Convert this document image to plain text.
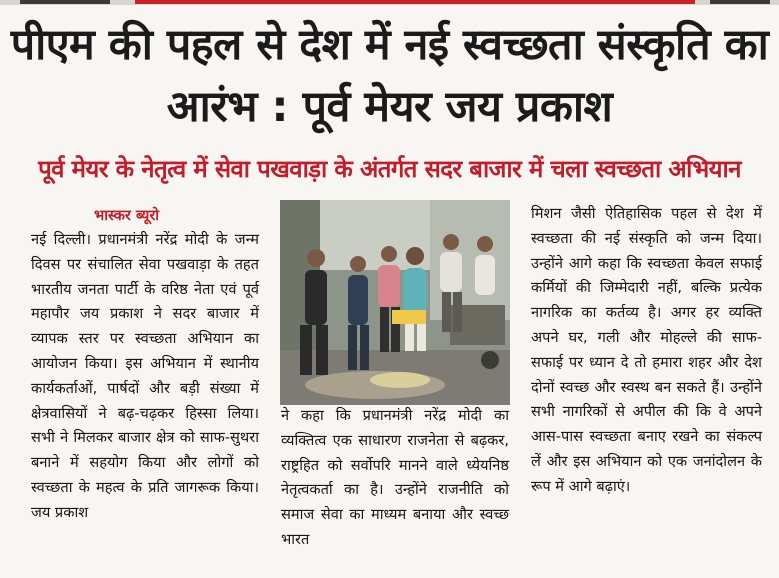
पीएम की पहल से देश में नई स्वच्छता संस्कृति का आरंभ : पूर्व मेयर जय प्रकाश
पूर्व मेयर के नेतृत्व में सेवा पखवाड़ा के अंतर्गत सदर बाजार में चला स्वच्छता अभियान
भास्कर ब्यूरो
नई दिल्ली। प्रधानमंत्री नरेंद्र मोदी के जन्म दिवस पर संचालित सेवा पखवाड़ा के तहत भारतीय जनता पार्टी के वरिष्ठ नेता एवं पूर्व महापौर जय प्रकाश ने सदर बाजार में व्यापक स्तर पर स्वच्छता अभियान का आयोजन किया। इस अभियान में स्थानीय कार्यकर्ताओं, पार्षदों और बड़ी संख्या में क्षेत्रवासियों ने बढ़-चढ़कर हिस्सा लिया। सभी ने मिलकर बाजार क्षेत्र को साफ-सुथरा बनाने में सहयोग किया और लोगों को स्वच्छता के महत्व के प्रति जागरूक किया। जय प्रकाश
ने कहा कि प्रधानमंत्री नरेंद्र मोदी का व्यक्तित्व एक साधारण राजनेता से बढ़कर, राष्ट्रहित को सर्वोपरि मानने वाले ध्येयनिष्ठ नेतृत्वकर्ता का है। उन्होंने राजनीति को समाज सेवा का माध्यम बनाया और स्वच्छ भारत
मिशन जैसी ऐतिहासिक पहल से देश में स्वच्छता की नई संस्कृति को जन्म दिया। उन्होंने आगे कहा कि स्वच्छता केवल सफाई कर्मियों की जिम्मेदारी नहीं, बल्कि प्रत्येक नागरिक का कर्तव्य है। अगर हर व्यक्ति अपने घर, गली और मोहल्ले की साफ-सफाई पर ध्यान दे तो हमारा शहर और देश दोनों स्वच्छ और स्वस्थ बन सकते हैं। उन्होंने सभी नागरिकों से अपील की कि वे अपने आस-पास स्वच्छता बनाए रखने का संकल्प लें और इस अभियान को एक जनांदोलन के रूप में आगे बढ़ाएं।
